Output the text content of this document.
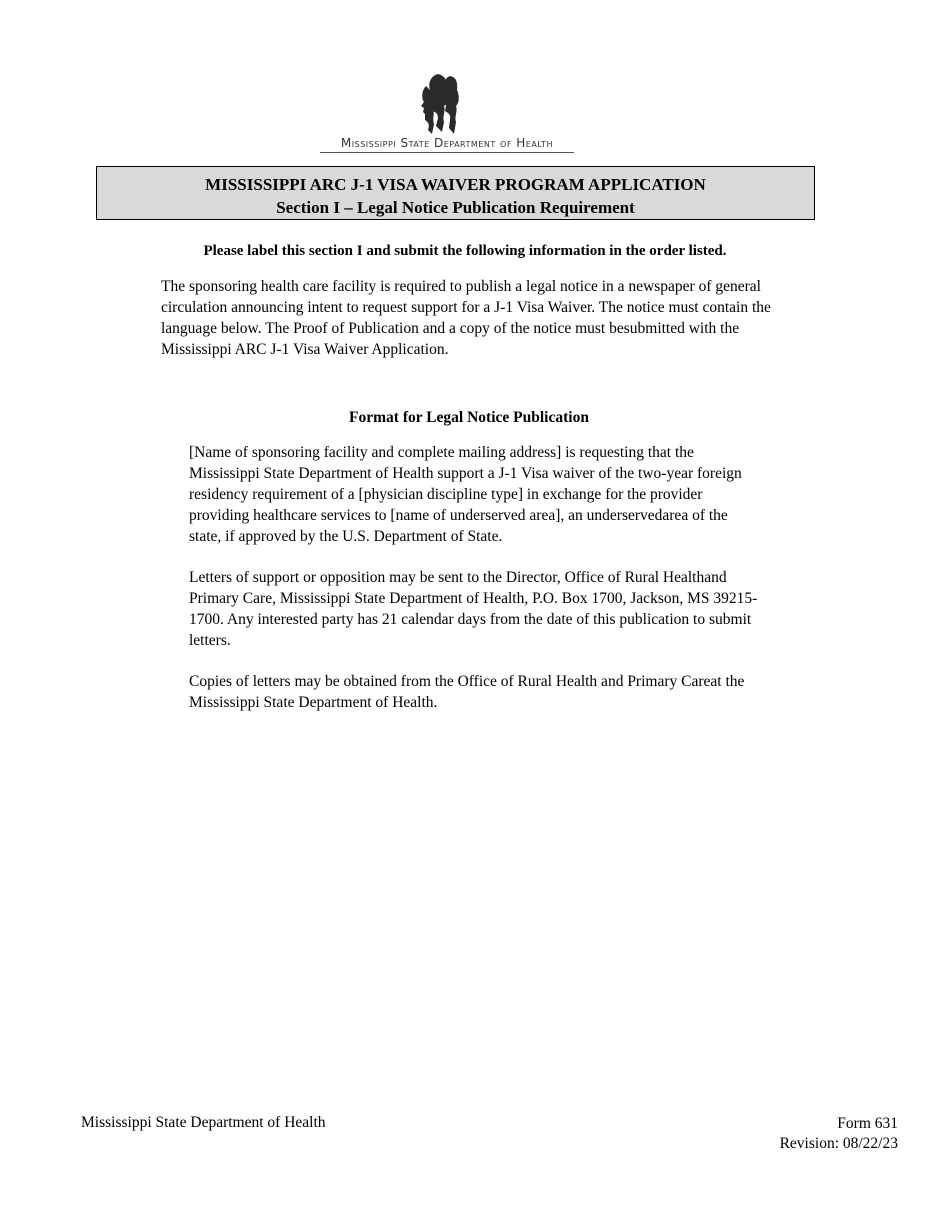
Mississippi State Department of Health
MISSISSIPPI ARC J-1 VISA WAIVER PROGRAM APPLICATION
Section I – Legal Notice Publication Requirement
Please label this section I and submit the following information in the order listed.

The sponsoring health care facility is required to publish a legal notice in a newspaper of general circulation announcing intent to request support for a J-1 Visa Waiver. The notice must contain the language below. The Proof of Publication and a copy of the notice must besubmitted with the Mississippi ARC J-1 Visa Waiver Application.

Format for Legal Notice Publication

[Name of sponsoring facility and complete mailing address] is requesting that the Mississippi State Department of Health support a J-1 Visa waiver of the two-year foreign residency requirement of a [physician discipline type] in exchange for the provider providing healthcare services to [name of underserved area], an underservedarea of the state, if approved by the U.S. Department of State.

Letters of support or opposition may be sent to the Director, Office of Rural Healthand Primary Care, Mississippi State Department of Health, P.O. Box 1700, Jackson, MS 39215-1700. Any interested party has 21 calendar days from the date of this publication to submit letters.

Copies of letters may be obtained from the Office of Rural Health and Primary Careat the Mississippi State Department of Health.

Mississippi State Department of Health	Form 631
Revision: 08/22/23
